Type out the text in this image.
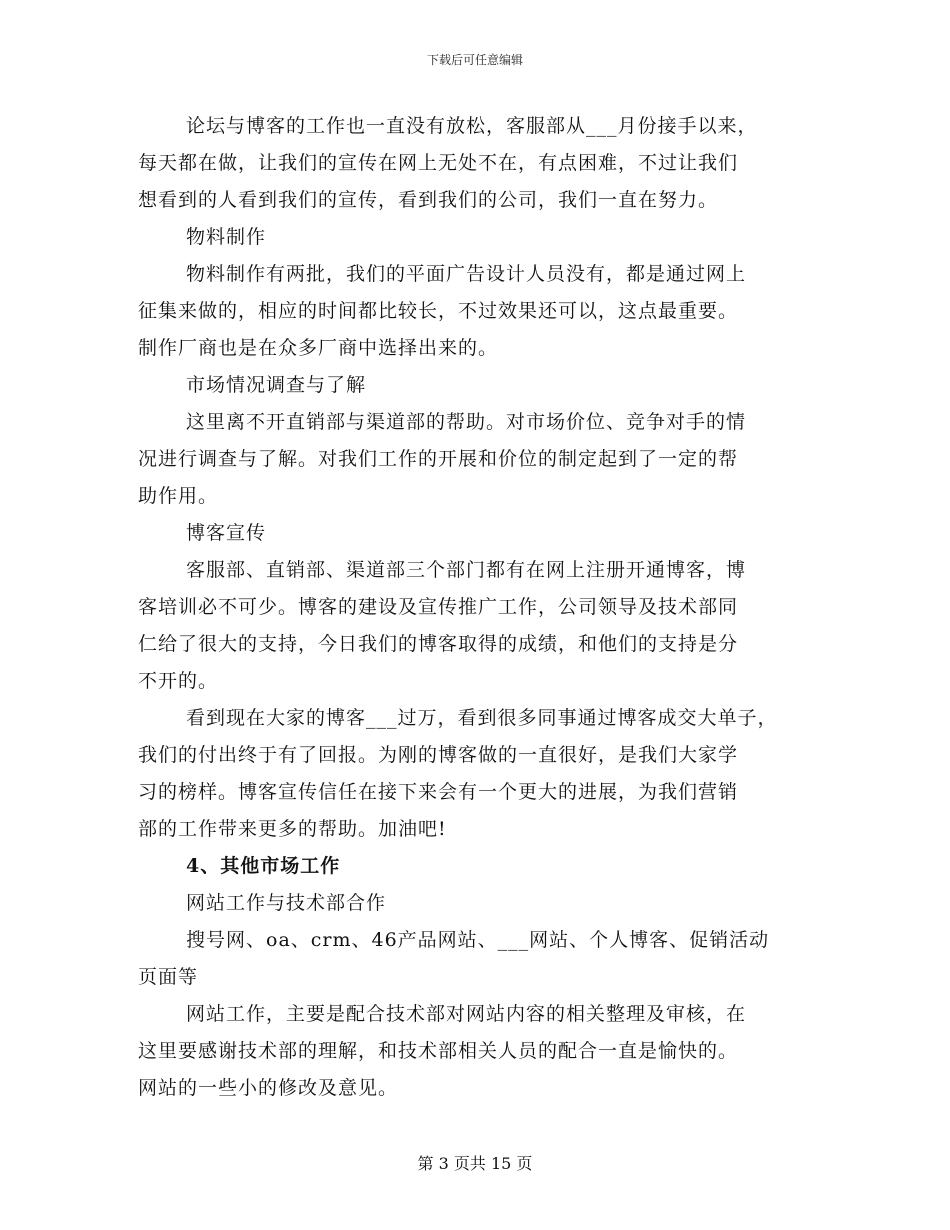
下载后可任意编辑
论坛与博客的工作也一直没有放松，客服部从___月份接手以来，
每天都在做，让我们的宣传在网上无处不在，有点困难，不过让我们
想看到的人看到我们的宣传，看到我们的公司，我们一直在努力。
物料制作
物料制作有两批，我们的平面广告设计人员没有，都是通过网上
征集来做的，相应的时间都比较长，不过效果还可以，这点最重要。
制作厂商也是在众多厂商中选择出来的。
市场情况调查与了解
这里离不开直销部与渠道部的帮助。对市场价位、竞争对手的情
况进行调查与了解。对我们工作的开展和价位的制定起到了一定的帮
助作用。
博客宣传
客服部、直销部、渠道部三个部门都有在网上注册开通博客，博
客培训必不可少。博客的建设及宣传推广工作，公司领导及技术部同
仁给了很大的支持，今日我们的博客取得的成绩，和他们的支持是分
不开的。
看到现在大家的博客___过万，看到很多同事通过博客成交大单子，
我们的付出终于有了回报。为刚的博客做的一直很好，是我们大家学
习的榜样。博客宣传信任在接下来会有一个更大的进展，为我们营销
部的工作带来更多的帮助。加油吧!
4、其他市场工作
网站工作与技术部合作
搜号网、oa、crm、46产品网站、___网站、个人博客、促销活动
页面等
网站工作，主要是配合技术部对网站内容的相关整理及审核，在
这里要感谢技术部的理解，和技术部相关人员的配合一直是愉快的。
网站的一些小的修改及意见。
第 3 页共 15 页
